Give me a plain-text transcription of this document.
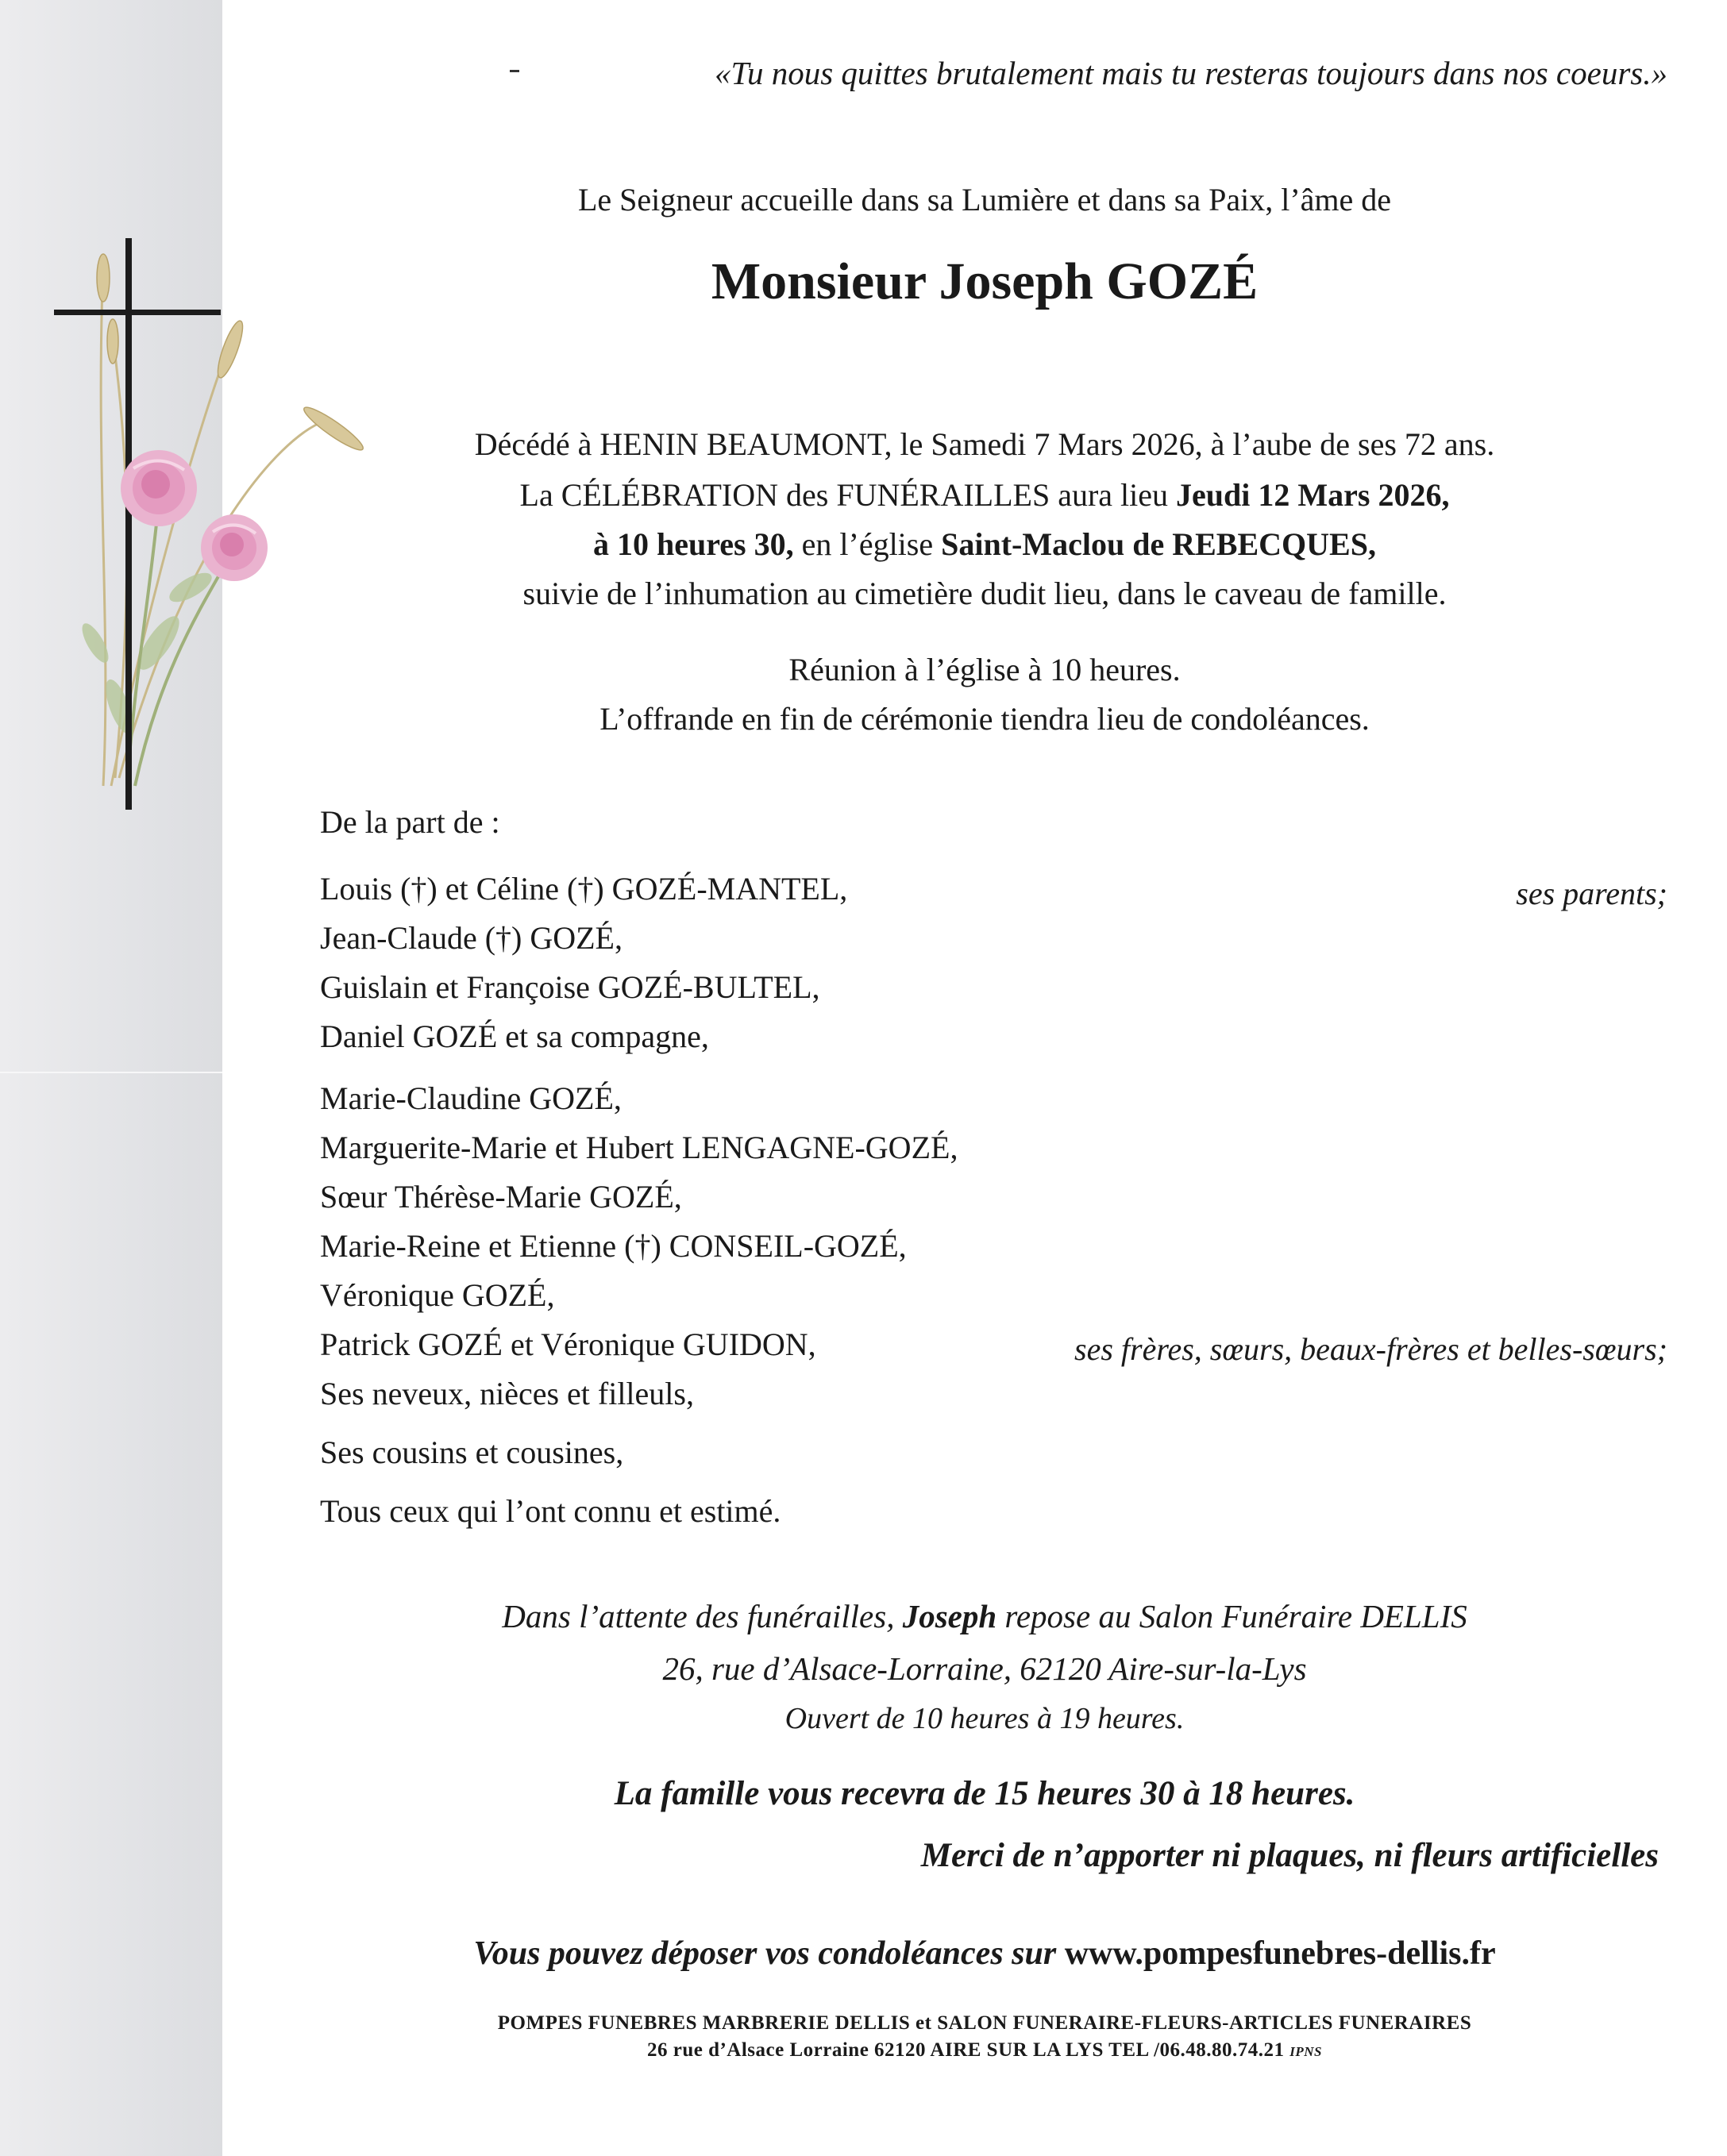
«Tu nous quittes brutalement mais tu resteras toujours dans nos coeurs.»
Le Seigneur accueille dans sa Lumière et dans sa Paix, l’âme de
Monsieur Joseph GOZÉ
Décédé à HENIN BEAUMONT, le Samedi 7 Mars 2026, à l’aube de ses 72 ans.
La CÉLÉBRATION des FUNÉRAILLES aura lieu Jeudi 12 Mars 2026,
à 10 heures 30, en l’église Saint-Maclou de REBECQUES,
suivie de l’inhumation au cimetière dudit lieu, dans le caveau de famille.
Réunion à l’église à 10 heures.
L’offrande en fin de cérémonie tiendra lieu de condoléances.
De la part de :
Louis (†) et Céline (†) GOZÉ-MANTEL,
Jean-Claude (†) GOZÉ,
Guislain et Françoise GOZÉ-BULTEL,
Daniel GOZÉ et sa compagne,
Marie-Claudine GOZÉ,
Marguerite-Marie et Hubert LENGAGNE-GOZÉ,
Sœur Thérèse-Marie GOZÉ,
Marie-Reine et Etienne (†) CONSEIL-GOZÉ,
Véronique GOZÉ,
Patrick GOZÉ et Véronique GUIDON,
Ses neveux, nièces et filleuls,
Ses cousins et cousines,
Tous ceux qui l’ont connu et estimé.
ses parents;
ses frères, sœurs, beaux-frères et belles-sœurs;
Dans l’attente des funérailles, Joseph repose au Salon Funéraire DELLIS
26, rue d’Alsace-Lorraine, 62120 Aire-sur-la-Lys
Ouvert de 10 heures à 19 heures.
La famille vous recevra de 15 heures 30 à 18 heures.
Merci de n’apporter ni plaques, ni fleurs artificielles
Vous pouvez déposer vos condoléances sur www.pompesfunebres-dellis.fr
POMPES FUNEBRES MARBRERIE DELLIS et SALON FUNERAIRE-FLEURS-ARTICLES FUNERAIRES
26 rue d’Alsace Lorraine 62120 AIRE SUR LA LYS TEL /06.48.80.74.21 IPNS
